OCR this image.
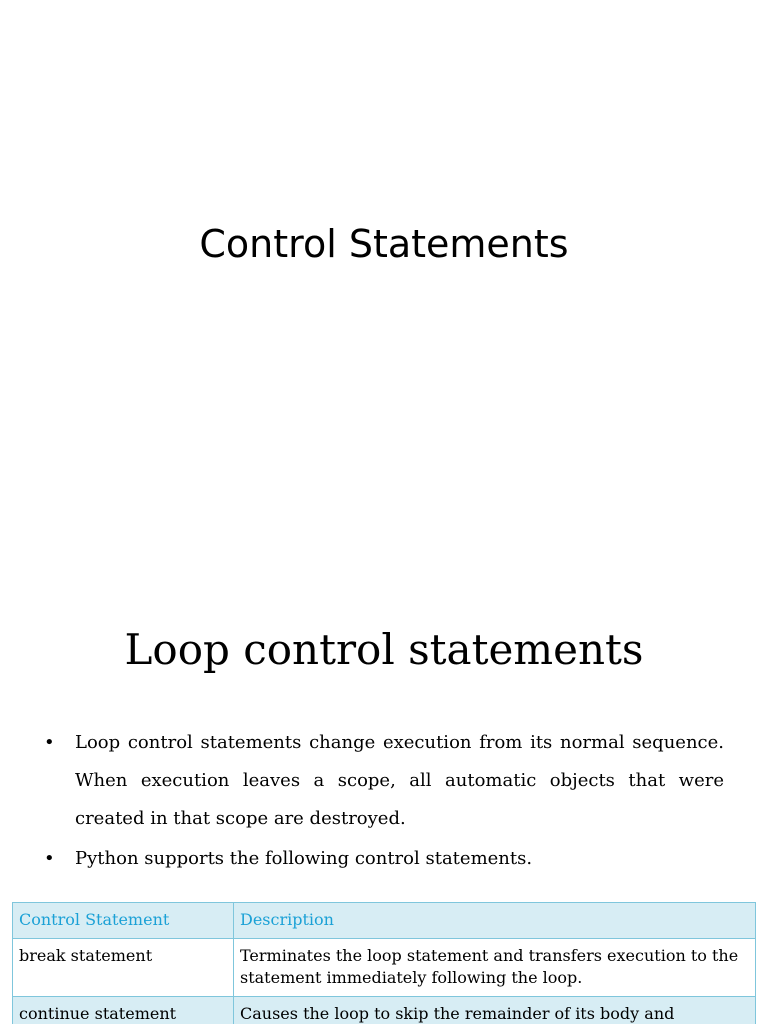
Control Statements
Loop control statements
• Loop control statements change execution from its normal sequence. When execution leaves a scope, all automatic objects that were created in that scope are destroyed.
• Python supports the following control statements.
Control Statement	Description
break statement	Terminates the loop statement and transfers execution to the statement immediately following the loop.
continue statement	Causes the loop to skip the remainder of its body and
